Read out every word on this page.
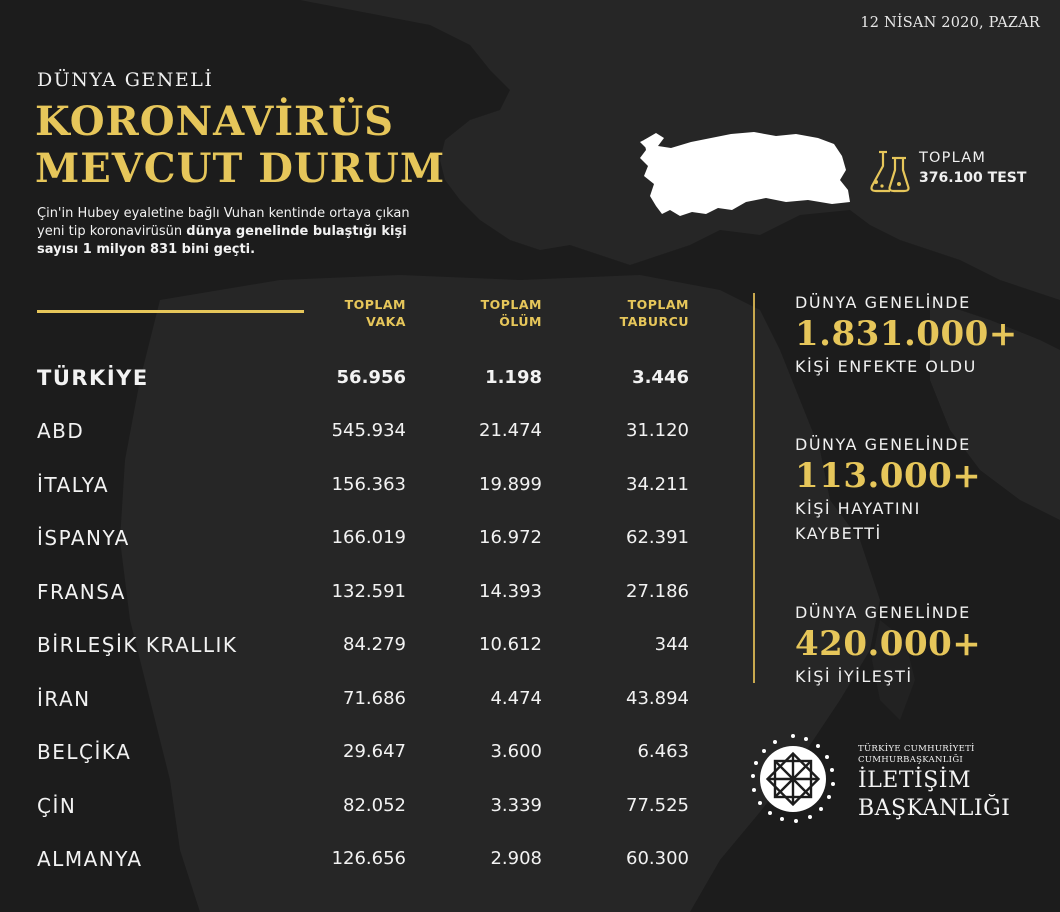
12 NİSAN 2020, PAZAR
DÜNYA GENELİ
KORONAVİRÜS
MEVCUT DURUM
Çin'in Hubey eyaletine bağlı Vuhan kentinde ortaya çıkan yeni tip koronavirüsün dünya genelinde bulaştığı kişi sayısı 1 milyon 831 bini geçti.
TOPLAM
376.100 TEST
TOPLAM
VAKA
TOPLAM
ÖLÜM
TOPLAM
TABURCU
TÜRKİYE	56.956	1.198	3.446
ABD	545.934	21.474	31.120
İTALYA	156.363	19.899	34.211
İSPANYA	166.019	16.972	62.391
FRANSA	132.591	14.393	27.186
BİRLEŞİK KRALLIK	84.279	10.612	344
İRAN	71.686	4.474	43.894
BELÇİKA	29.647	3.600	6.463
ÇİN	82.052	3.339	77.525
ALMANYA	126.656	2.908	60.300
DÜNYA GENELİNDE
1.831.000+
KİŞİ ENFEKTE OLDU
DÜNYA GENELİNDE
113.000+
KİŞİ HAYATINI
KAYBETTİ
DÜNYA GENELİNDE
420.000+
KİŞİ İYİLEŞTİ
TÜRKİYE CUMHURİYETİ
CUMHURBAŞKANLIĞI
İLETİŞİM
BAŞKANLIĞI
